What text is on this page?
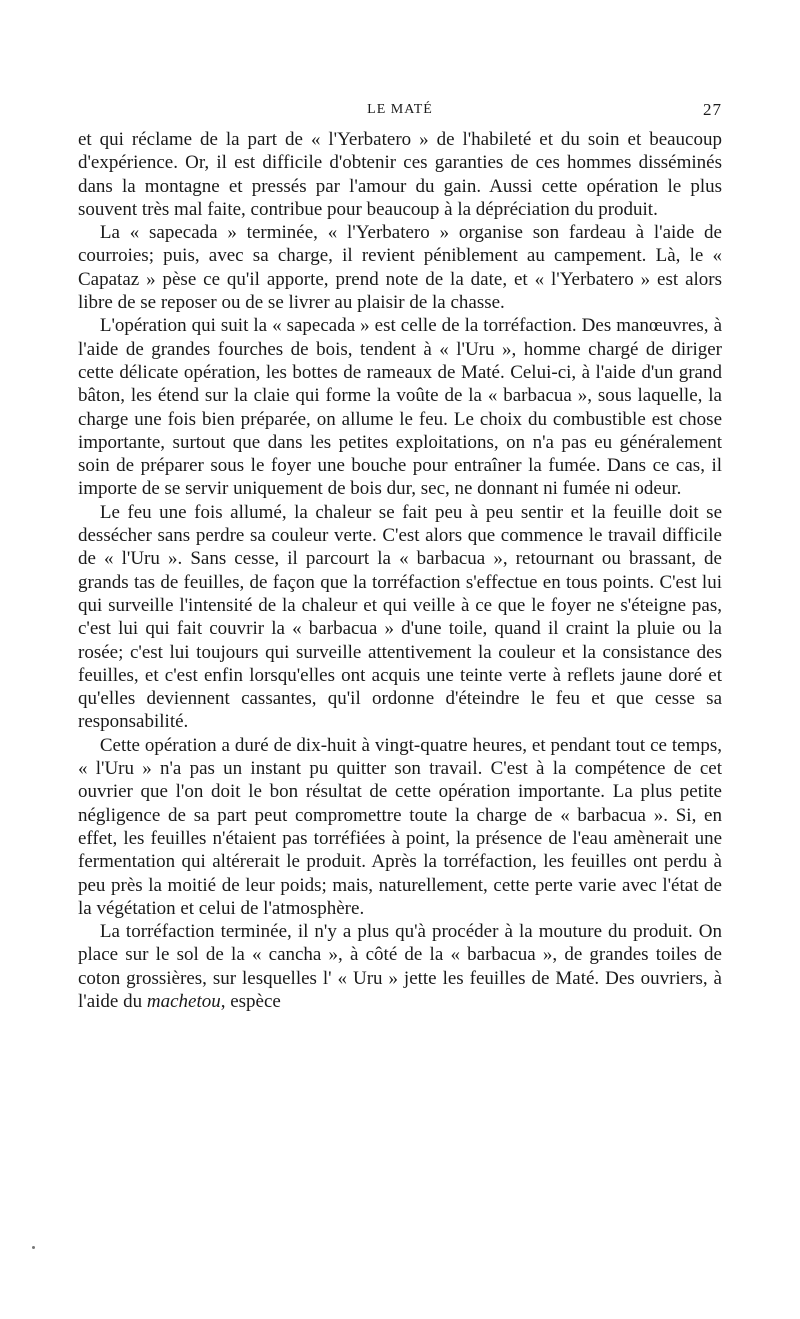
LE MATÉ	27

et qui réclame de la part de « l'Yerbatero » de l'habileté et du soin et beaucoup d'expérience. Or, il est difficile d'obtenir ces garanties de ces hommes disséminés dans la montagne et pressés par l'amour du gain. Aussi cette opération le plus souvent très mal faite, contribue pour beaucoup à la dépréciation du produit.

La « sapecada » terminée, « l'Yerbatero » organise son fardeau à l'aide de courroies; puis, avec sa charge, il revient péniblement au campement. Là, le « Capataz » pèse ce qu'il apporte, prend note de la date, et « l'Yerbatero » est alors libre de se reposer ou de se livrer au plaisir de la chasse.

L'opération qui suit la « sapecada » est celle de la torréfaction. Des manœuvres, à l'aide de grandes fourches de bois, tendent à « l'Uru », homme chargé de diriger cette délicate opération, les bottes de rameaux de Maté. Celui-ci, à l'aide d'un grand bâton, les étend sur la claie qui forme la voûte de la « barbacua », sous laquelle, la charge une fois bien préparée, on allume le feu. Le choix du combustible est chose importante, surtout que dans les petites exploitations, on n'a pas eu généralement soin de préparer sous le foyer une bouche pour entraîner la fumée. Dans ce cas, il importe de se servir uniquement de bois dur, sec, ne donnant ni fumée ni odeur.

Le feu une fois allumé, la chaleur se fait peu à peu sentir et la feuille doit se dessécher sans perdre sa couleur verte. C'est alors que commence le travail difficile de « l'Uru ». Sans cesse, il parcourt la « barbacua », retournant ou brassant, de grands tas de feuilles, de façon que la torréfaction s'effectue en tous points. C'est lui qui surveille l'intensité de la chaleur et qui veille à ce que le foyer ne s'éteigne pas, c'est lui qui fait couvrir la « barbacua » d'une toile, quand il craint la pluie ou la rosée; c'est lui toujours qui surveille attentivement la couleur et la consistance des feuilles, et c'est enfin lorsqu'elles ont acquis une teinte verte à reflets jaune doré et qu'elles deviennent cassantes, qu'il ordonne d'éteindre le feu et que cesse sa responsabilité.

Cette opération a duré de dix-huit à vingt-quatre heures, et pendant tout ce temps, « l'Uru » n'a pas un instant pu quitter son travail. C'est à la compétence de cet ouvrier que l'on doit le bon résultat de cette opération importante. La plus petite négligence de sa part peut compromettre toute la charge de « barbacua ». Si, en effet, les feuilles n'étaient pas torréfiées à point, la présence de l'eau amènerait une fermentation qui altérerait le produit. Après la torréfaction, les feuilles ont perdu à peu près la moitié de leur poids; mais, naturellement, cette perte varie avec l'état de la végétation et celui de l'atmosphère.

La torréfaction terminée, il n'y a plus qu'à procéder à la mouture du produit. On place sur le sol de la « cancha », à côté de la « barbacua », de grandes toiles de coton grossières, sur lesquelles l' « Uru » jette les feuilles de Maté. Des ouvriers, à l'aide du machetou, espèce
